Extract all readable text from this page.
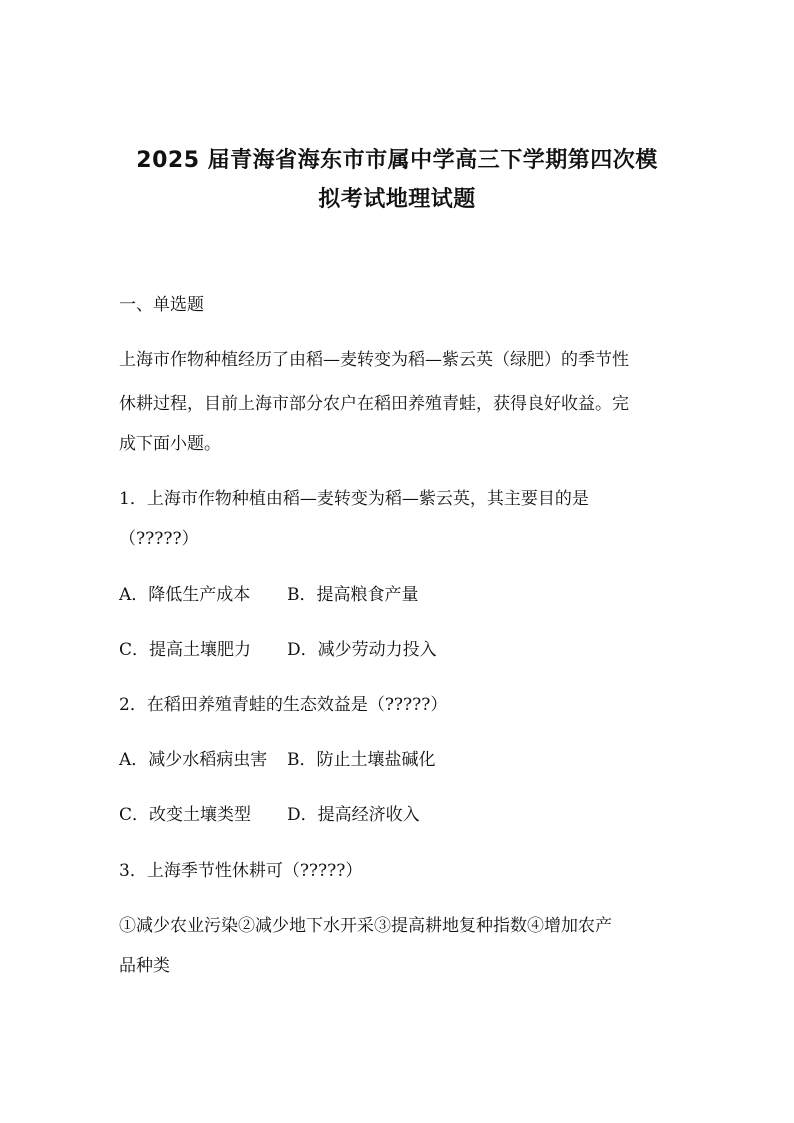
2025 届青海省海东市市属中学高三下学期第四次模
拟考试地理试题
一、单选题
上海市作物种植经历了由稻—麦转变为稻—紫云英（绿肥）的季节性
休耕过程，目前上海市部分农户在稻田养殖青蛙，获得良好收益。完
成下面小题。
1．上海市作物种植由稻—麦转变为稻—紫云英，其主要目的是
（?????）
A．降低生产成本 B．提高粮食产量
C．提高土壤肥力 D．减少劳动力投入
2．在稻田养殖青蛙的生态效益是（?????）
A．减少水稻病虫害 B．防止土壤盐碱化
C．改变土壤类型 D．提高经济收入
3．上海季节性休耕可（?????）
①减少农业污染②减少地下水开采③提高耕地复种指数④增加农产
品种类
